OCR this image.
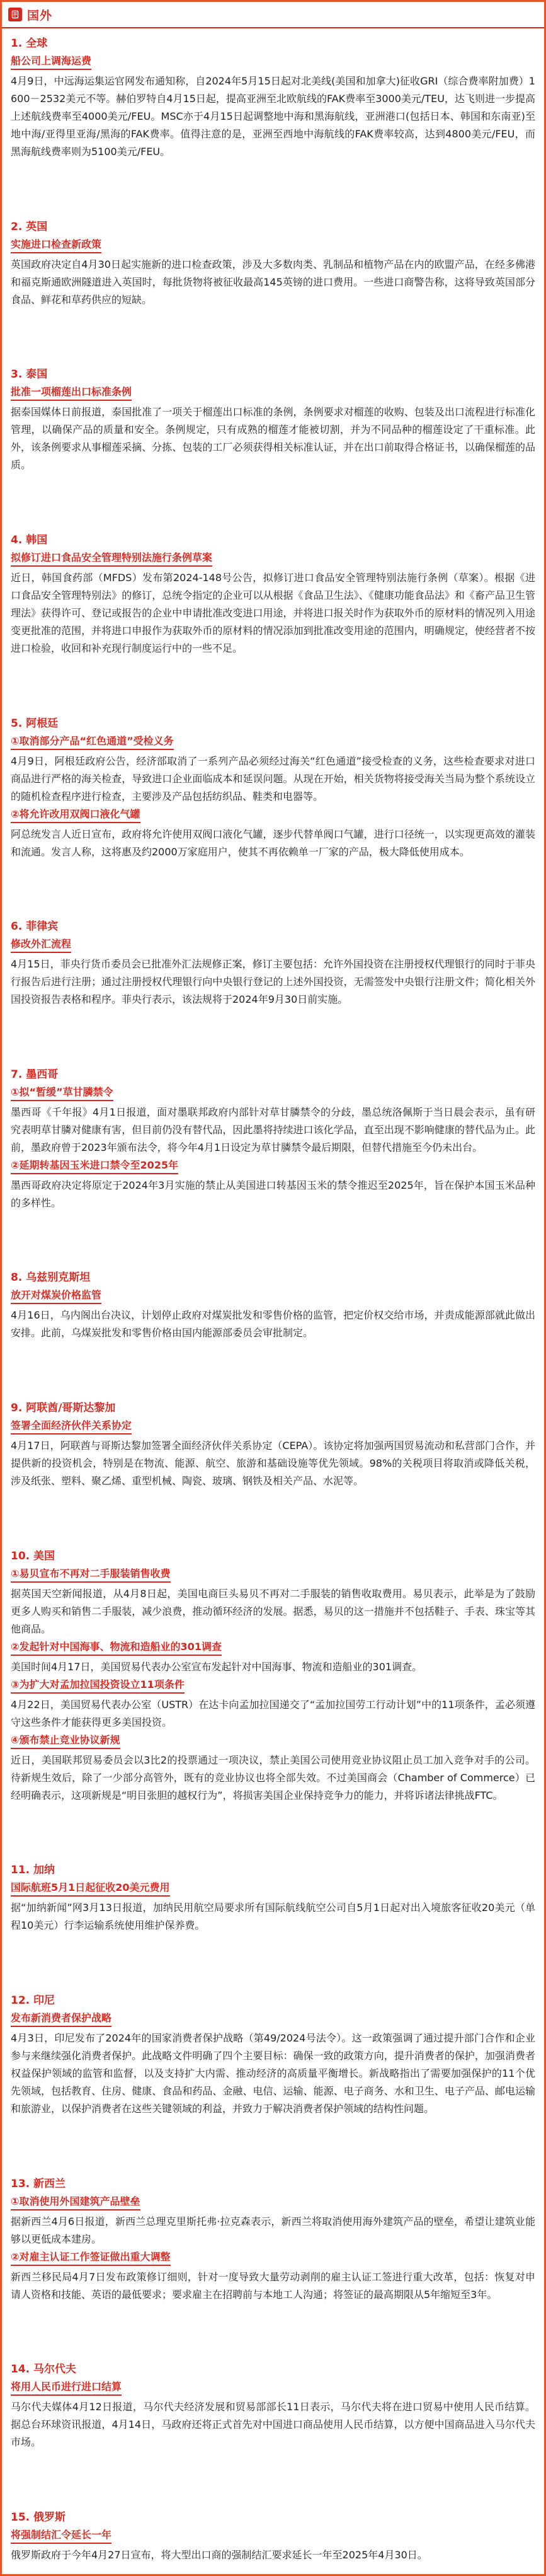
国外
1. 全球
船公司上调海运费

4月9日，中远海运集运官网发布通知称，自2024年5月15日起对北美线(美国和加拿大)征收GRI（综合费率附加费）1600－2532美元不等。赫伯罗特自4月15日起，提高亚洲至北欧航线的FAK费率至3000美元/TEU，达飞则进一步提高上述航线费率至4000美元/FEU。MSC亦于4月15日起调整地中海和黑海航线，亚洲港口(包括日本、韩国和东南亚)至地中海/亚得里亚海/黑海的FAK费率。值得注意的是，亚洲至西地中海航线的FAK费率较高，达到4800美元/FEU，而黑海航线费率则为5100美元/FEU。

2. 英国
实施进口检查新政策

英国政府决定自4月30日起实施新的进口检查政策，涉及大多数肉类、乳制品和植物产品在内的欧盟产品，在经多佛港和福克斯通欧洲隧道进入英国时，每批货物将被征收最高145英镑的进口费用。一些进口商警告称，这将导致英国部分食品、鲜花和草药供应的短缺。

3. 泰国
批准一项榴莲出口标准条例

据泰国媒体日前报道，泰国批准了一项关于榴莲出口标准的条例，条例要求对榴莲的收购、包装及出口流程进行标准化管理，以确保产品的质量和安全。条例规定，只有成熟的榴莲才能被切割，并为不同品种的榴莲设定了干重标准。此外，该条例要求从事榴莲采摘、分拣、包装的工厂必须获得相关标准认证，并在出口前取得合格证书，以确保榴莲的品质。

4. 韩国
拟修订进口食品安全管理特别法施行条例草案

近日，韩国食药部（MFDS）发布第2024-148号公告，拟修订进口食品安全管理特别法施行条例（草案）。根据《进口食品安全管理特别法》的修订，总统令指定的企业可以从根据《食品卫生法》、《健康功能食品法》和《畜产品卫生管理法》获得许可、登记或报告的企业中申请批准改变进口用途，并将进口报关时作为获取外币的原材料的情况列入用途变更批准的范围，并将进口申报作为获取外币的原材料的情况添加到批准改变用途的范围内，明确规定，使经营者不按进口检验，收回和补充现行制度运行中的一些不足。

5. 阿根廷
①取消部分产品“红色通道”受检义务

4月9日，阿根廷政府公告，经济部取消了一系列产品必须经过海关“红色通道”接受检查的义务，这些检查要求对进口商品进行严格的海关检查，导致进口企业面临成本和延误问题。从现在开始，相关货物将接受海关当局为整个系统设立的随机检查程序进行检查，主要涉及产品包括纺织品、鞋类和电器等。

②将允许改用双阀口液化气罐

阿总统发言人近日宣布，政府将允许使用双阀口液化气罐，逐步代替单阀口气罐，进行口径统一，以实现更高效的灌装和流通。发言人称，这将惠及约2000万家庭用户，使其不再依赖单一厂家的产品，极大降低使用成本。

6. 菲律宾
修改外汇流程

4月15日，菲央行货币委员会已批准外汇法规修正案，修订主要包括：允许外国投资在注册授权代理银行的同时于菲央行报告后进行注册；通过注册授权代理银行向中央银行登记的上述外国投资，无需签发中央银行注册文件；简化相关外国投资报告表格和程序。菲央行表示，该法规将于2024年9月30日前实施。

7. 墨西哥
①拟“暂缓”草甘膦禁令

墨西哥《千年报》4月1日报道，面对墨联邦政府内部针对草甘膦禁令的分歧，墨总统洛佩斯于当日晨会表示，虽有研究表明草甘膦对健康有害，但目前仍没有替代品，因此墨将持续进口该化学品，直至出现不影响健康的替代品为止。此前，墨政府曾于2023年颁布法令，将今年4月1日设定为草甘膦禁令最后期限，但替代措施至今仍未出台。

②延期转基因玉米进口禁令至2025年

墨西哥政府决定将原定于2024年3月实施的禁止从美国进口转基因玉米的禁令推迟至2025年，旨在保护本国玉米品种的多样性。

8. 乌兹别克斯坦
放开对煤炭价格监管

4月16日，乌内阁出台决议，计划停止政府对煤炭批发和零售价格的监管，把定价权交给市场，并责成能源部就此做出安排。此前，乌煤炭批发和零售价格由国内能源部委员会审批制定。

9. 阿联酋/哥斯达黎加
签署全面经济伙伴关系协定

4月17日，阿联酋与哥斯达黎加签署全面经济伙伴关系协定（CEPA）。该协定将加强两国贸易流动和私营部门合作，并提供新的投资机会，特别是在物流、能源、航空、旅游和基础设施等优先领域。98%的关税项目将取消或降低关税，涉及纸张、塑料、聚乙烯、重型机械、陶瓷、玻璃、钢铁及相关产品、水泥等。

10. 美国
①易贝宣布不再对二手服装销售收费

据英国天空新闻报道，从4月8日起，美国电商巨头易贝不再对二手服装的销售收取费用。易贝表示，此举是为了鼓励更多人购买和销售二手服装，减少浪费，推动循环经济的发展。据悉，易贝的这一措施并不包括鞋子、手表、珠宝等其他商品。

②发起针对中国海事、物流和造船业的301调查

美国时间4月17日，美国贸易代表办公室宣布发起针对中国海事、物流和造船业的301调查。

③为扩大对孟加拉国投资设立11项条件

4月22日，美国贸易代表办公室（USTR）在达卡向孟加拉国递交了“孟加拉国劳工行动计划”中的11项条件，孟必须遵守这些条件才能获得更多美国投资。

④颁布禁止竞业协议新规

近日，美国联邦贸易委员会以3比2的投票通过一项决议，禁止美国公司使用竞业协议阻止员工加入竞争对手的公司。待新规生效后，除了一少部分高管外，既有的竞业协议也将全部失效。不过美国商会（Chamber of Commerce）已经明确表示，这项新规是“明目张胆的越权行为”，将损害美国企业保持竞争力的能力，并将诉诸法律挑战FTC。

11. 加纳
国际航班5月1日起征收20美元费用

据“加纳新闻”网3月13日报道，加纳民用航空局要求所有国际航线航空公司自5月1日起对出入境旅客征收20美元（单程10美元）行李运输系统使用维护保养费。

12. 印尼
发布新消费者保护战略

4月3日，印尼发布了2024年的国家消费者保护战略（第49/2024号法令）。这一政策强调了通过提升部门合作和企业参与来继续强化消费者保护。此战略文件明确了四个主要目标：确保一致的政策方向，提升消费者的保护，加强消费者权益保护领域的监管和监督，以及支持扩大内需、推动经济的高质量平衡增长。新战略指出了需要加强保护的11个优先领域，包括教育、住房、健康、食品和药品、金融、电信、运输、能源、电子商务、水和卫生、电子产品、邮电运输和旅游业，以保护消费者在这些关键领域的利益，并致力于解决消费者保护领域的结构性问题。

13. 新西兰
①取消使用外国建筑产品壁垒

据新西兰4月6日报道，新西兰总理克里斯托弗·拉克森表示，新西兰将取消使用海外建筑产品的壁垒，希望让建筑业能够以更低成本建房。

②对雇主认证工作签证做出重大调整

新西兰移民局4月7日发布政策修订细则，针对一度导致大量劳动剥削的雇主认证工签进行重大改革，包括：恢复对申请人资格和技能、英语的最低要求；要求雇主在招聘前与本地工人沟通；将签证的最高期限从5年缩短至3年。

14. 马尔代夫
将用人民币进行进口结算

马尔代夫媒体4月12日报道，马尔代夫经济发展和贸易部部长11日表示，马尔代夫将在进口贸易中使用人民币结算。据总台环球资讯报道，4月14日，马政府还将正式首先对中国进口商品使用人民币结算，以方便中国商品进入马尔代夫市场。

15. 俄罗斯
将强制结汇令延长一年

俄罗斯政府于今年4月27日宣布，将大型出口商的强制结汇要求延长一年至2025年4月30日。
